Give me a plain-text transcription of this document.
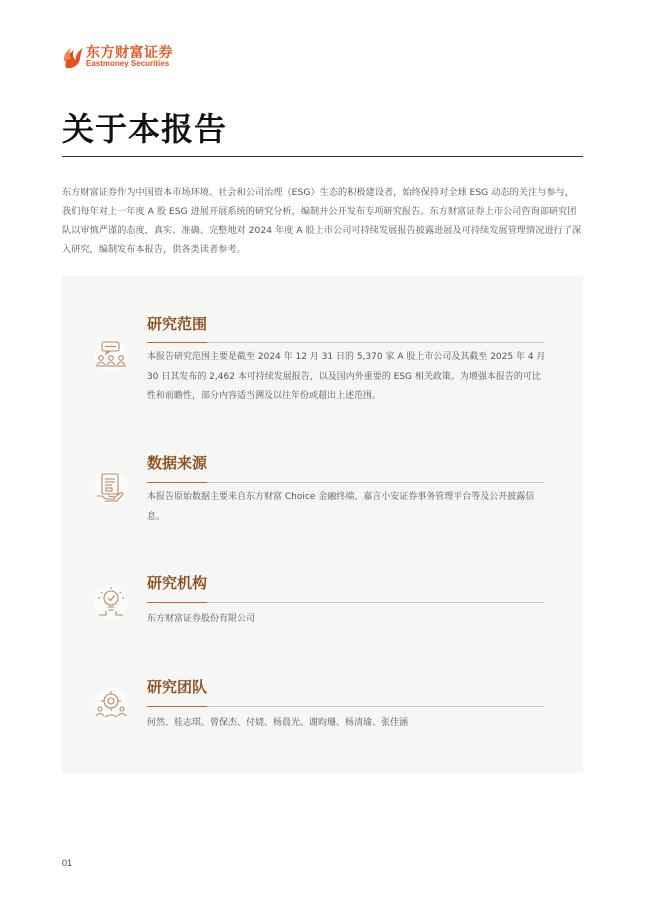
东方财富证券
Eastmoney Securities
关于本报告

东方财富证券作为中国资本市场环境、社会和公司治理（ESG）生态的积极建设者，始终保持对全球 ESG 动态的关注与参与，我们每年对上一年度 A 股 ESG 进展开展系统的研究分析，编制并公开发布专项研究报告。东方财富证券上市公司咨询部研究团队以审慎严谨的态度，真实、准确、完整地对 2024 年度 A 股上市公司可持续发展报告披露进展及可持续发展管理情况进行了深入研究，编制发布本报告，供各类读者参考。

研究范围

本报告研究范围主要是截至 2024 年 12 月 31 日的 5,370 家 A 股上市公司及其截至 2025 年 4 月 30 日其发布的 2,462 本可持续发展报告，以及国内外重要的 ESG 相关政策。为增强本报告的可比性和前瞻性，部分内容适当溯及以往年份或超出上述范围。

数据来源

本报告原始数据主要来自东方财富 Choice 金融终端、嘉言小安证券事务管理平台等及公开披露信息。

研究机构

东方财富证券股份有限公司

研究团队

何然、桂志琪、曾保杰、付娆、杨晨光、谢昀珊、杨清瑜、张佳涵

01
